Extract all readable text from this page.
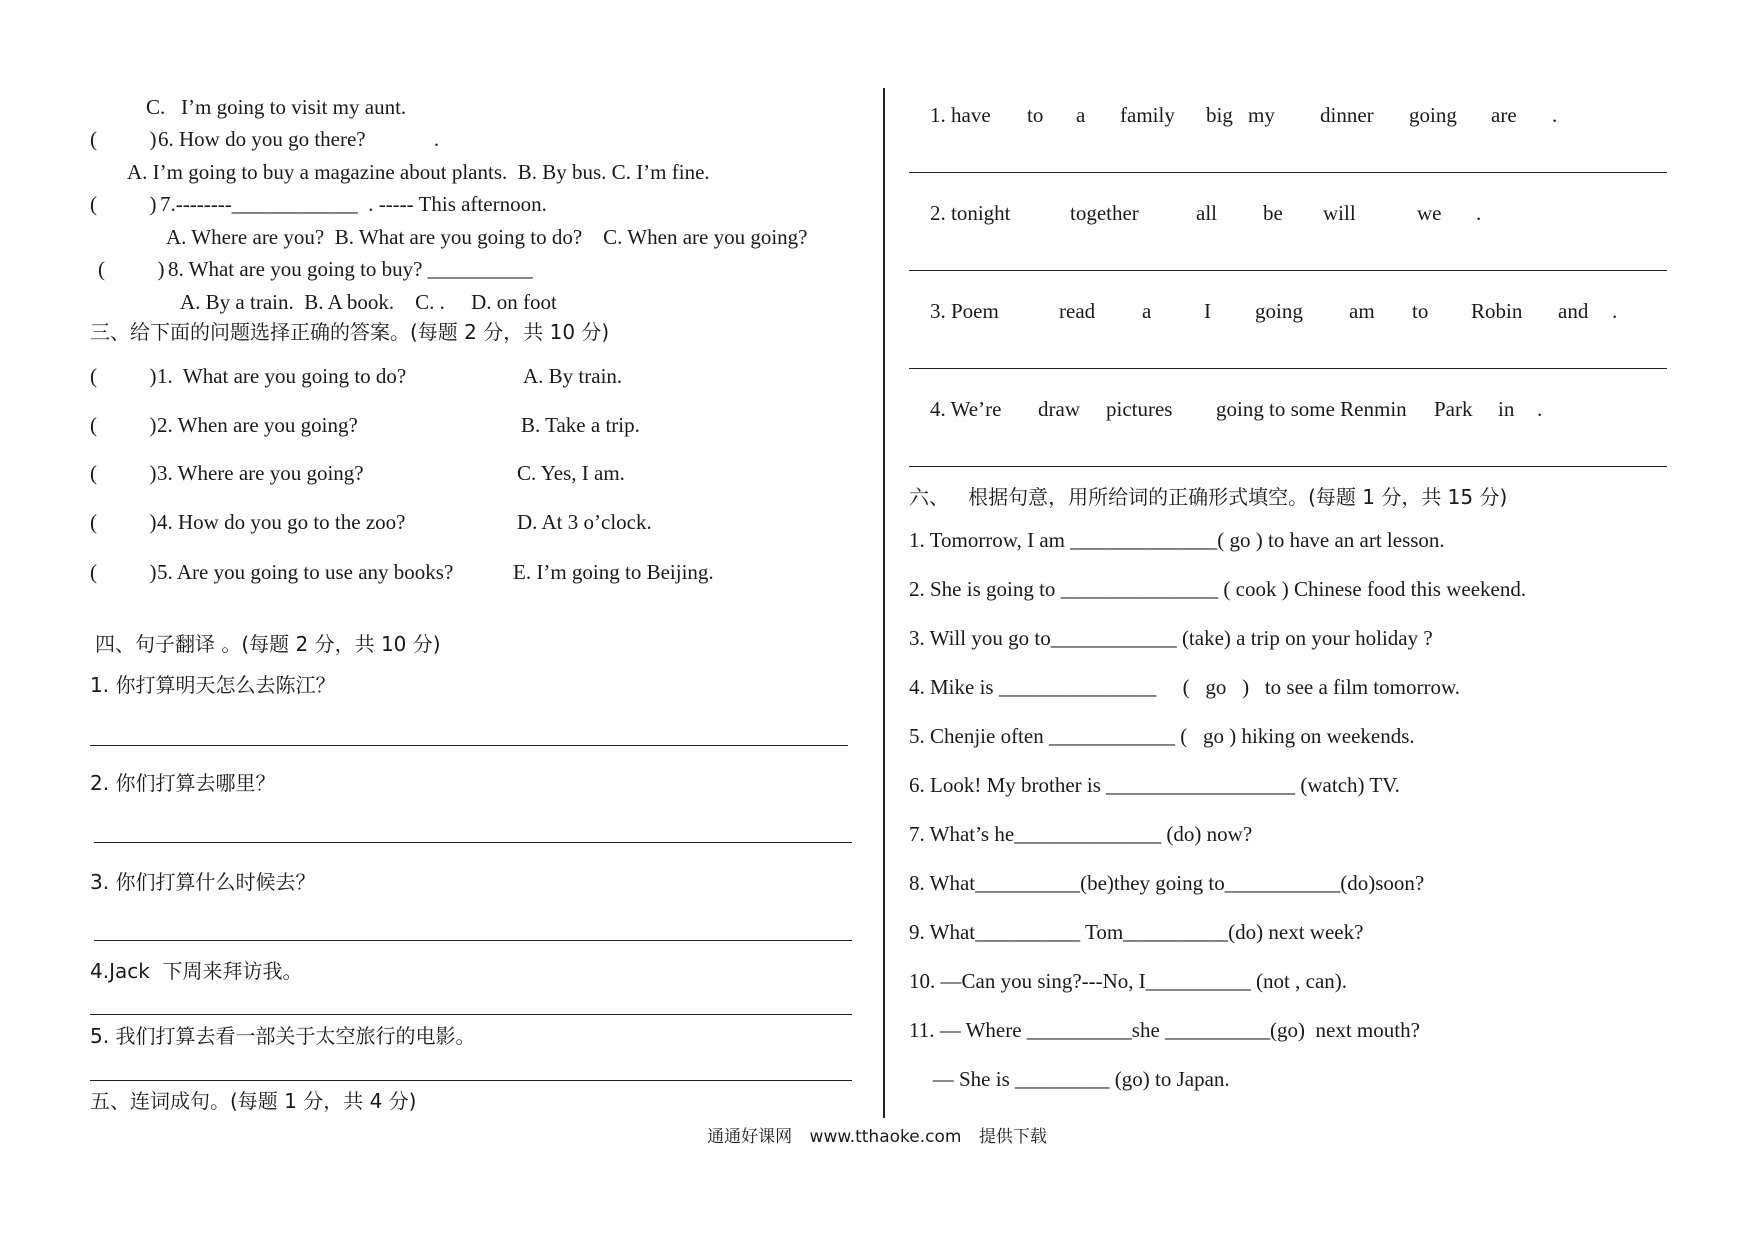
C.   I’m going to visit my aunt.
(          ) 6. How do you go there?             .
A. I’m going to buy a magazine about plants.  B. By bus. C. I’m fine.
(          ) 7.--------____________  . ----- This afternoon.
A. Where are you?  B. What are you going to do?    C. When are you going?
(          ) 8. What are you going to buy? __________
A. By a train.  B. A book.    C. .     D. on foot
三、给下面的问题选择正确的答案。(每题 2 分，共 10 分)
(          ) 1.  What are you going to do?	A. By train.
(          ) 2. When are you going?	B. Take a trip.
(          ) 3. Where are you going?	C. Yes, I am.
(          ) 4. How do you go to the zoo?	D. At 3 o’clock.
(          ) 5. Are you going to use any books?	E. I’m going to Beijing.
四、句子翻译 。(每题 2 分，共 10 分)
1. 你打算明天怎么去陈江？
2. 你们打算去哪里？
3. 你们打算什么时候去？
4.Jack  下周来拜访我。
5. 我们打算去看一部关于太空旅行的电影。
五、连词成句。(每题 1 分，共 4 分)
1. have to a family big my dinner going are .
2. tonight	together	all be will	we .
3. Poem	read a	I going am to Robin and .
4. We’re draw pictures going to some Renmin Park in .
六、   根据句意，用所给词的正确形式填空。(每题 1 分，共 15 分)
1. Tomorrow, I am ______________( go ) to have an art lesson.
2. She is going to _______________ ( cook ) Chinese food this weekend.
3. Will you go to____________ (take) a trip on your holiday ?
4. Mike is _______________     (   go   )   to see a film tomorrow.
5. Chenjie often ____________ (   go ) hiking on weekends.
6. Look! My brother is __________________ (watch) TV.
7. What’s he______________ (do) now?
8. What__________(be)they going to___________(do)soon?
9. What__________ Tom__________(do) next week?
10. —Can you sing?---No, I__________ (not , can).
11. — Where __________she __________(go)  next mouth?
— She is _________ (go) to Japan.
通通好课网 www.tthaoke.com 提供下载
